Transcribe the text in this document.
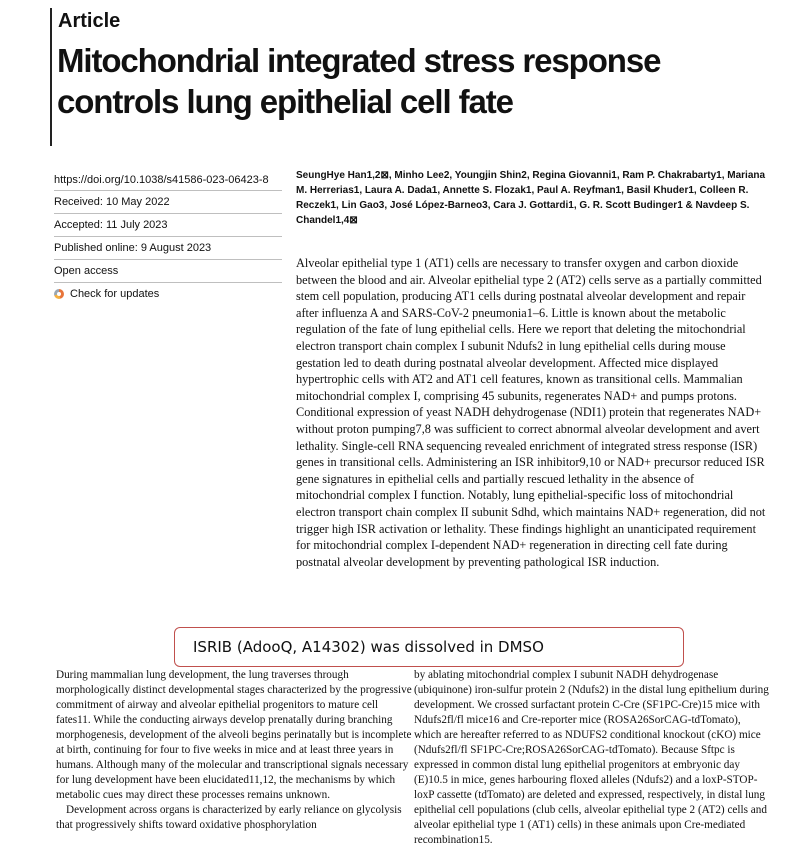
Article
Mitochondrial integrated stress response controls lung epithelial cell fate
https://doi.org/10.1038/s41586-023-06423-8
Received: 10 May 2022
Accepted: 11 July 2023
Published online: 9 August 2023
Open access
Check for updates

SeungHye Han1,2⊠, Minho Lee2, Youngjin Shin2, Regina Giovanni1, Ram P. Chakrabarty1, Mariana M. Herrerias1, Laura A. Dada1, Annette S. Flozak1, Paul A. Reyfman1, Basil Khuder1, Colleen R. Reczek1, Lin Gao3, José López-Barneo3, Cara J. Gottardi1, G. R. Scott Budinger1 & Navdeep S. Chandel1,4⊠

Alveolar epithelial type 1 (AT1) cells are necessary to transfer oxygen and carbon dioxide between the blood and air. Alveolar epithelial type 2 (AT2) cells serve as a partially committed stem cell population, producing AT1 cells during postnatal alveolar development and repair after influenza A and SARS-CoV-2 pneumonia1–6. Little is known about the metabolic regulation of the fate of lung epithelial cells. Here we report that deleting the mitochondrial electron transport chain complex I subunit Ndufs2 in lung epithelial cells during mouse gestation led to death during postnatal alveolar development. Affected mice displayed hypertrophic cells with AT2 and AT1 cell features, known as transitional cells. Mammalian mitochondrial complex I, comprising 45 subunits, regenerates NAD+ and pumps protons. Conditional expression of yeast NADH dehydrogenase (NDI1) protein that regenerates NAD+ without proton pumping7,8 was sufficient to correct abnormal alveolar development and avert lethality. Single-cell RNA sequencing revealed enrichment of integrated stress response (ISR) genes in transitional cells. Administering an ISR inhibitor9,10 or NAD+ precursor reduced ISR gene signatures in epithelial cells and partially rescued lethality in the absence of mitochondrial complex I function. Notably, lung epithelial-specific loss of mitochondrial electron transport chain complex II subunit Sdhd, which maintains NAD+ regeneration, did not trigger high ISR activation or lethality. These findings highlight an unanticipated requirement for mitochondrial complex I-dependent NAD+ regeneration in directing cell fate during postnatal alveolar development by preventing pathological ISR induction.

During mammalian lung development, the lung traverses through morphologically distinct developmental stages characterized by the progressive commitment of airway and alveolar epithelial progenitors to mature cell fates11. While the conducting airways develop prenatally during branching morphogenesis, development of the alveoli begins perinatally but is incomplete at birth, continuing for four to five weeks in mice and at least three years in humans. Although many of the molecular and transcriptional signals necessary for lung development have been elucidated11,12, the mechanisms by which metabolic cues may direct these processes remains unknown.

Development across organs is characterized by early reliance on glycolysis that progressively shifts toward oxidative phosphorylation

by ablating mitochondrial complex I subunit NADH dehydrogenase (ubiquinone) iron-sulfur protein 2 (Ndufs2) in the distal lung epithelium during development. We crossed surfactant protein C-Cre (SF1PC-Cre)15 mice with Ndufs2fl/fl mice16 and Cre-reporter mice (ROSA26SorCAG-tdTomato), which are hereafter referred to as NDUFS2 conditional knockout (cKO) mice (Ndufs2fl/fl SF1PC-Cre;ROSA26SorCAG-tdTomato). Because Sftpc is expressed in common distal lung epithelial progenitors at embryonic day (E)10.5 in mice, genes harbouring floxed alleles (Ndufs2) and a loxP-STOP-loxP cassette (tdTomato) are deleted and expressed, respectively, in distal lung epithelial cell populations (club cells, alveolar epithelial type 2 (AT2) cells and alveolar epithelial type 1 (AT1) cells) in these animals upon Cre-mediated recombination15.

ISRIB (AdooQ, A14302) was dissolved in DMSO
